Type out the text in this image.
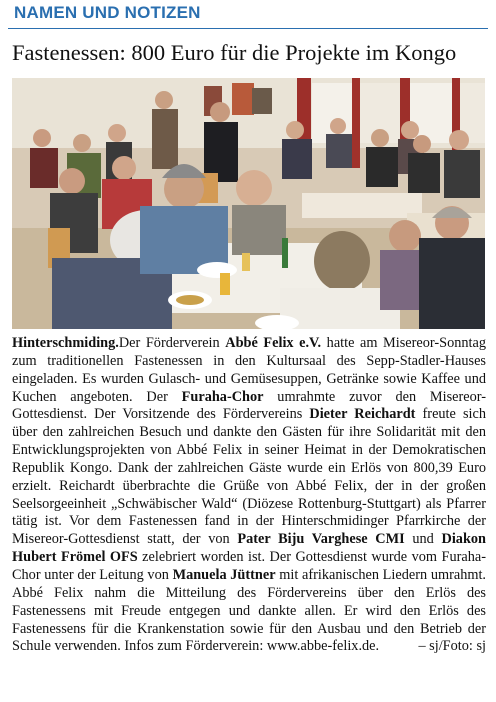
NAMEN UND NOTIZEN
Fastenessen: 800 Euro für die Projekte im Kongo

Hinterschmiding.Der Förderverein Abbé Felix e.V. hatte am Misereor-Sonntag zum traditionellen Fastenessen in den Kultursaal des Sepp-Stadler-Hauses eingeladen. Es wurden Gulasch- und Gemüsesuppen, Getränke sowie Kaffee und Kuchen angeboten. Der Furaha-Chor umrahmte zuvor den Misereor-Gottesdienst. Der Vorsitzende des Fördervereins Dieter Reichardt freute sich über den zahlreichen Besuch und dankte den Gästen für ihre Solidarität mit den Entwicklungsprojekten von Abbé Felix in seiner Heimat in der Demokratischen Republik Kongo. Dank der zahlreichen Gäste wurde ein Erlös von 800,39 Euro erzielt. Reichardt überbrachte die Grüße von Abbé Felix, der in der großen Seelsorgeeinheit „Schwäbischer Wald“ (Diözese Rottenburg-Stuttgart) als Pfarrer tätig ist. Vor dem Fastenessen fand in der Hinterschmidinger Pfarrkirche der Misereor-Gottesdienst statt, der von Pater Biju Varghese CMI und Diakon Hubert Frömel OFS zelebriert worden ist. Der Gottesdienst wurde vom Furaha-Chor unter der Leitung von Manuela Jüttner mit afrikanischen Liedern umrahmt. Abbé Felix nahm die Mitteilung des Fördervereins über den Erlös des Fastenessens mit Freude entgegen und dankte allen. Er wird den Erlös des Fastenessens für die Krankenstation sowie für den Ausbau und den Betrieb der Schule verwenden. Infos zum Förderverein: www.abbe-felix.de.	– sj/Foto: sj
